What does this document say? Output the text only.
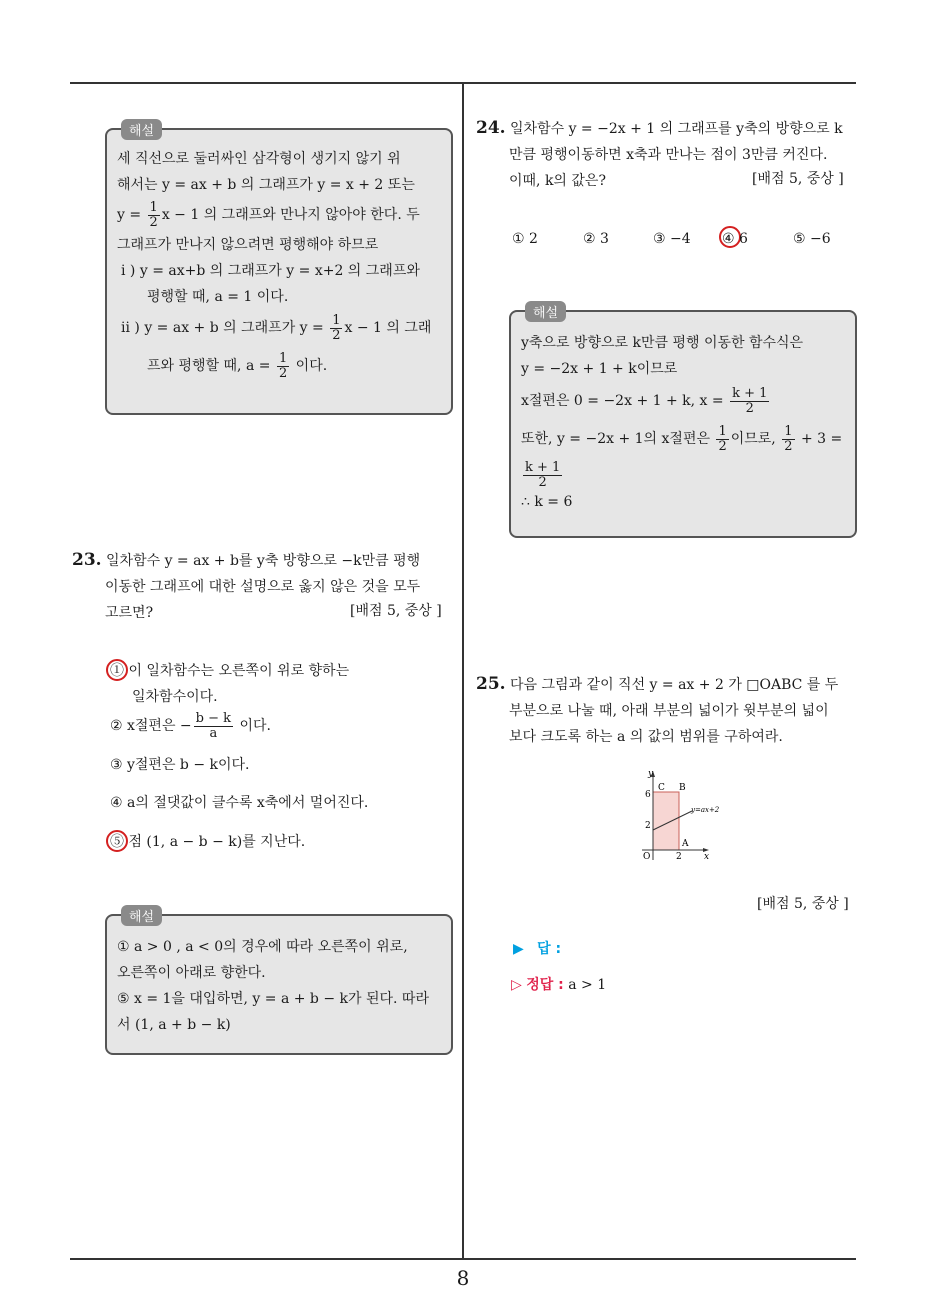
해설
세 직선으로 둘러싸인 삼각형이 생기지 않기 위
해서는 y = ax + b 의 그래프가 y = x + 2 또는
$y = \frac{1}{2}$ x − 1 의 그래프와 만나지 않아야 한다. 두
그래프가 만나지 않으려면 평행해야 하므로
i ) y = ax+b 의 그래프가 y = x+2 의 그래프와
평행할 때, a = 1 이다.
ii ) y = ax + b 의 그래프가 $y = \frac{1}{2}$ x − 1 의 그래
프와 평행할 때, $a = \frac{1}{2}$ 이다.
23. 일차함수 y = ax + b를 y축 방향으로 −k만큼 평행
이동한 그래프에 대한 설명으로 옳지 않은 것을 모두
고르면?	[배점 5, 중상 ]
① 이 일차함수는 오른쪽이 위로 향하는
일차함수이다.
② x절편은 − $\frac{b - k}{a}$ 이다.
③ y절편은 b − k이다.
④ a의 절댓값이 클수록 x축에서 멀어진다.
⑤ 점 (1, a − b − k)를 지난다.
해설
① a > 0 , a < 0의 경우에 따라 오른쪽이 위로,
오른쪽이 아래로 향한다.
⑤ x = 1을 대입하면, y = a + b − k가 된다. 따라
서 (1, a + b − k)
24. 일차함수 y = −2x + 1 의 그래프를 y축의 방향으로 k
만큼 평행이동하면 x축과 만나는 점이 3만큼 커진다.
이때, k의 값은?	[배점 5, 중상 ]
① 2	② 3	③ −4 ④ 6	⑤ −6
해설
y축으로 방향으로 k만큼 평행 이동한 함수식은
y = −2x + 1 + k이므로
x절편은 0 = −2x + 1 + k, $x = \frac{k + 1}{2}$
또한, y = −2x + 1의 x절편은 $\frac{1}{2}$ 이므로, $\frac{1}{2} + 3$ =
$\frac{k + 1}{2}$
∴ k = 6
25. 다음 그림과 같이 직선 y = ax + 2 가 □OABC 를 두
부분으로 나눌 때, 아래 부분의 넓이가 윗부분의 넓이
보다 크도록 하는 a 의 값의 범위를 구하여라.
y
x
6
2
2
O
C B
A
y=ax+2
[배점 5, 중상 ]
▶ 답 :
▷ 정답 : a > 1
8
